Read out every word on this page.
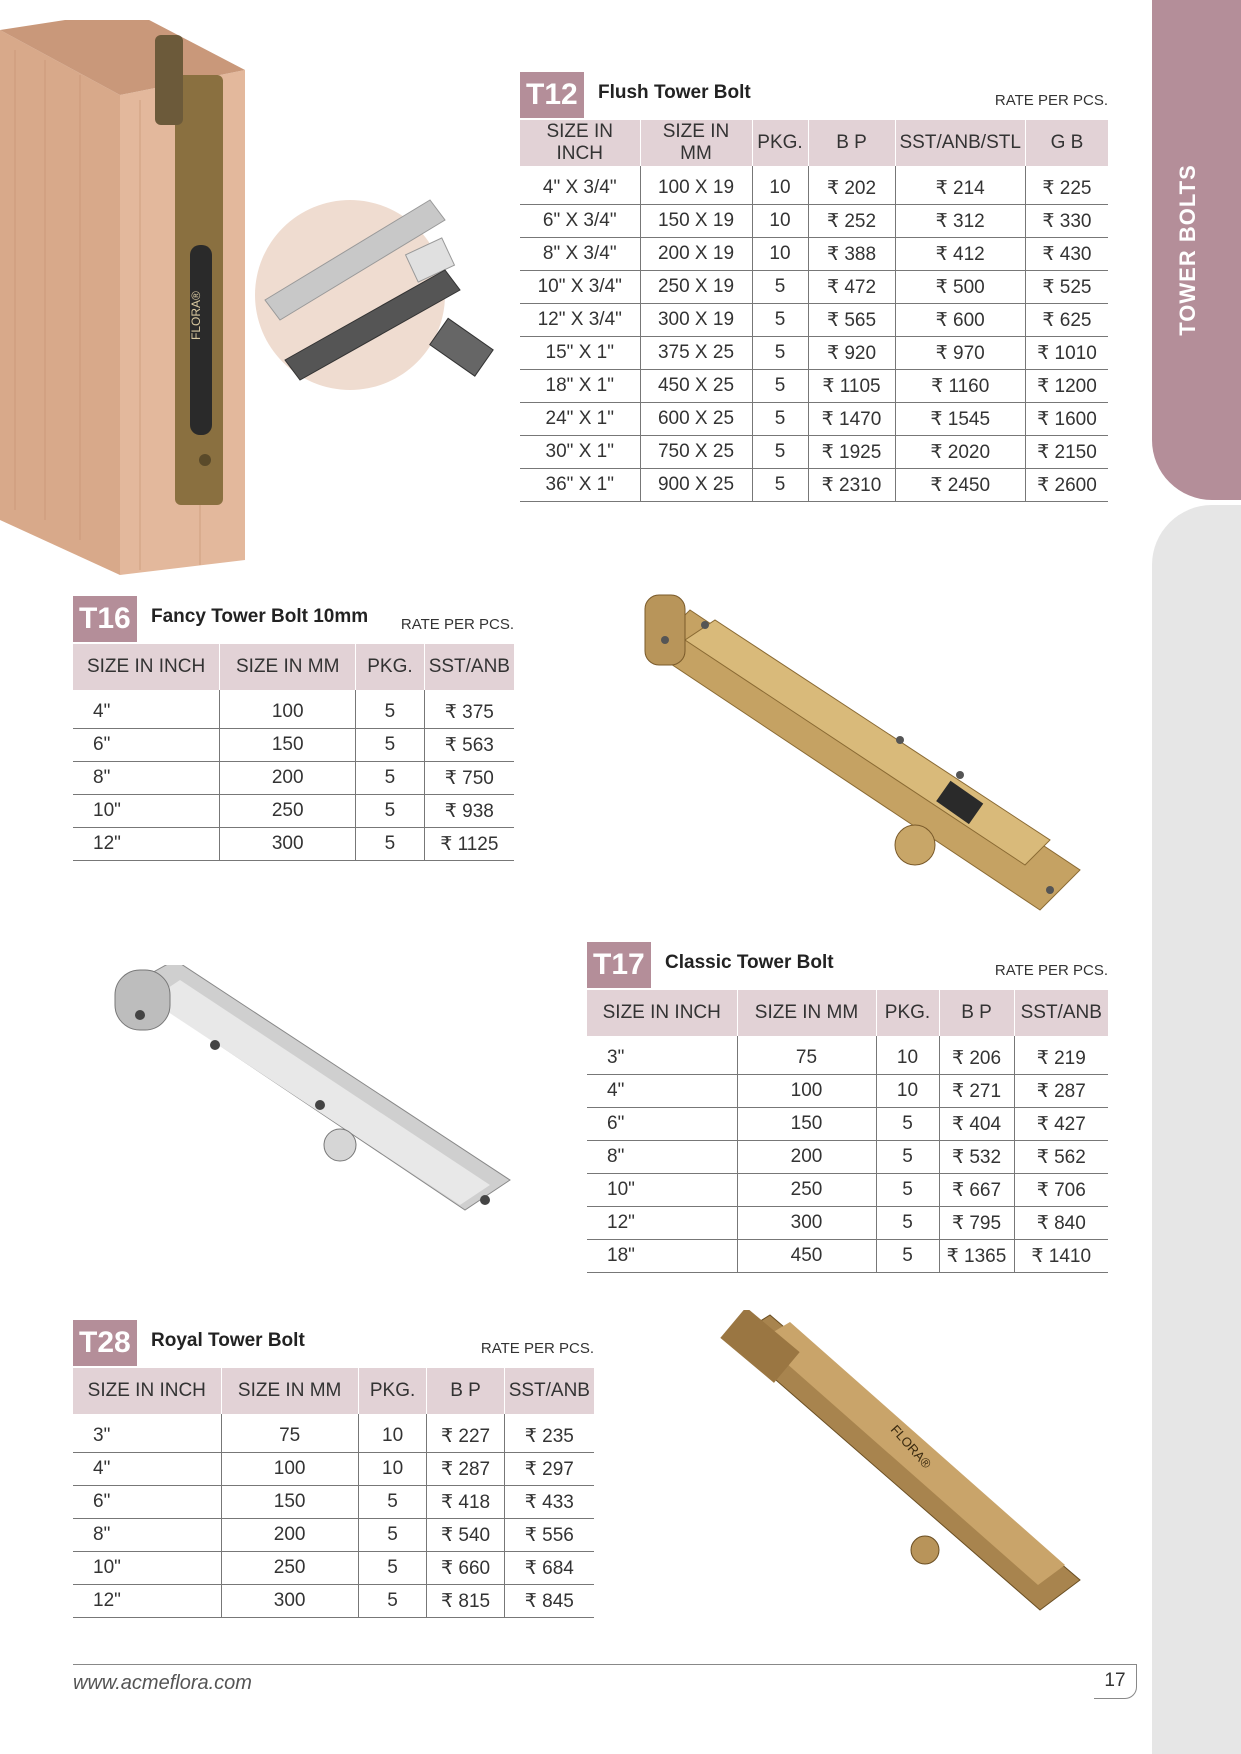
TOWER BOLTS
FLORA®
FLORA®
T12	Flush Tower Bolt	RATE PER PCS.
SIZE IN INCH	SIZE IN MM	PKG.	B P	SST/ANB/STL	G B
4" X 3/4"	100 X 19	10	₹ 202	₹ 214	₹ 225
6" X 3/4"	150 X 19	10	₹ 252	₹ 312	₹ 330
8" X 3/4"	200 X 19	10	₹ 388	₹ 412	₹ 430
10" X 3/4"	250 X 19	5	₹ 472	₹ 500	₹ 525
12" X 3/4"	300 X 19	5	₹ 565	₹ 600	₹ 625
15" X 1"	375 X 25	5	₹ 920	₹ 970	₹ 1010
18" X 1"	450 X 25	5	₹ 1105	₹ 1160	₹ 1200
24" X 1"	600 X 25	5	₹ 1470	₹ 1545	₹ 1600
30" X 1"	750 X 25	5	₹ 1925	₹ 2020	₹ 2150
36" X 1"	900 X 25	5	₹ 2310	₹ 2450	₹ 2600
T16	Fancy Tower Bolt 10mm RATE PER PCS.
SIZE IN INCH	SIZE IN MM	PKG.	SST/ANB
4"	100	5	₹ 375
6"	150	5	₹ 563
8"	200	5	₹ 750
10"	250	5	₹ 938
12"	300	5	₹ 1125
T17	Classic Tower Bolt	RATE PER PCS.
SIZE IN INCH	SIZE IN MM	PKG.	B P	SST/ANB
3"	75	10	₹ 206	₹ 219
4"	100	10	₹ 271	₹ 287
6"	150	5	₹ 404	₹ 427
8"	200	5	₹ 532	₹ 562
10"	250	5	₹ 667	₹ 706
12"	300	5	₹ 795	₹ 840
18"	450	5	₹ 1365	₹ 1410
T28	Royal Tower Bolt	RATE PER PCS.
SIZE IN INCH	SIZE IN MM	PKG.	B P	SST/ANB
3"	75	10	₹ 227	₹ 235
4"	100	10	₹ 287	₹ 297
6"	150	5	₹ 418	₹ 433
8"	200	5	₹ 540	₹ 556
10"	250	5	₹ 660	₹ 684
12"	300	5	₹ 815	₹ 845
www.acmeflora.com	17
